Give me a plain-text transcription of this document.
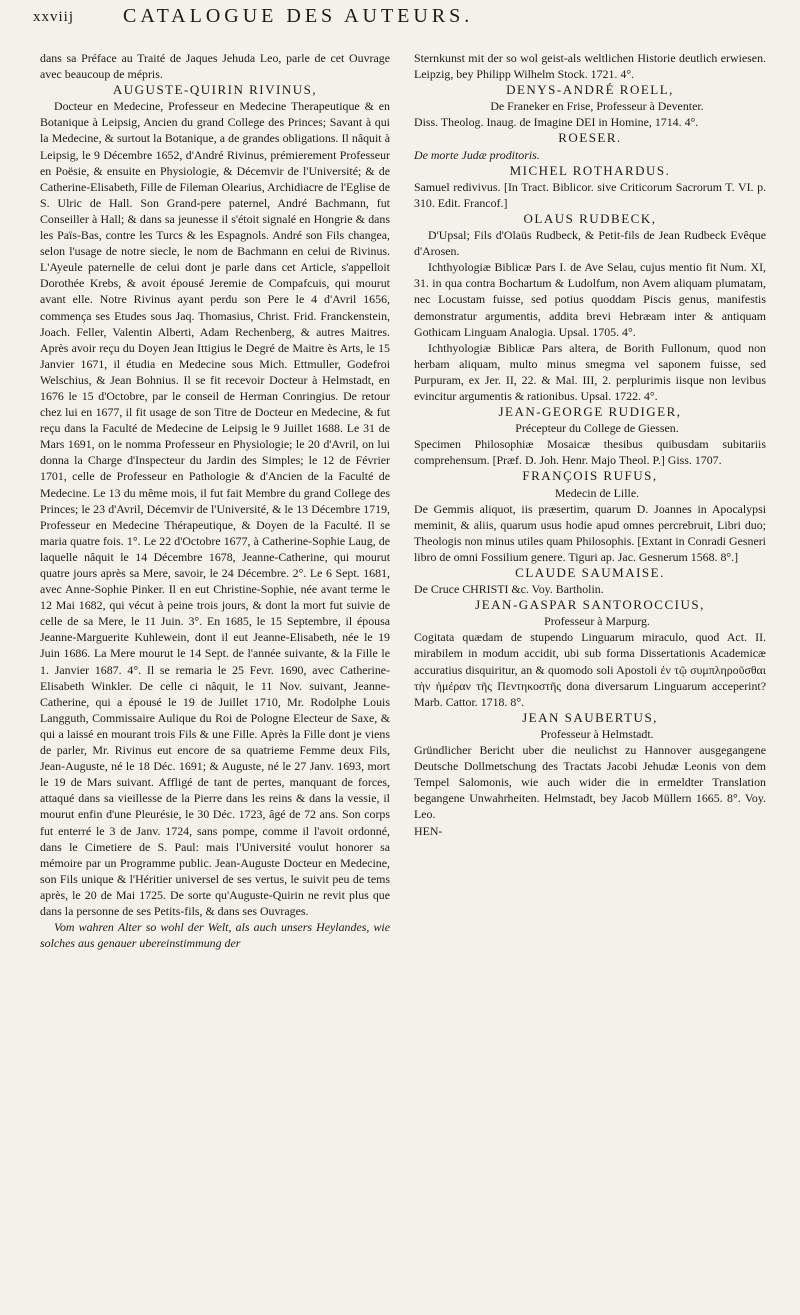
xxviij CATALOGUE DES AUTEURS.

dans sa Préface au Traité de Jaques Jehuda Leo, parle de cet Ouvrage avec beaucoup de mépris.

AUGUSTE-QUIRIN RIVINUS,

Docteur en Medecine, Professeur en Medecine Therapeutique & en Botanique à Leipsig, Ancien du grand College des Princes; Savant à qui la Medecine, & surtout la Botanique, a de grandes obligations. Il nâquit à Leipsig, le 9 Décembre 1652, d'André Rivinus, prémierement Professeur en Poësie, & ensuite en Physiologie, & Décemvir de l'Université; & de Catherine-Elisabeth, Fille de Fileman Olearius, Archidiacre de l'Eglise de S. Ulric de Hall. Son Grand-pere paternel, André Bachmann, fut Conseiller à Hall; & dans sa jeunesse il s'étoit signalé en Hongrie & dans les Païs-Bas, contre les Turcs & les Espagnols. André son Fils changea, selon l'usage de notre siecle, le nom de Bachmann en celui de Rivinus. L'Ayeule paternelle de celui dont je parle dans cet Article, s'appelloit Dorothée Krebs, & avoit épousé Jeremie de Compafcuis, qui mourut avant elle. Notre Rivinus ayant perdu son Pere le 4 d'Avril 1656, commença ses Etudes sous Jaq. Thomasius, Christ. Frid. Franckenstein, Joach. Feller, Valentin Alberti, Adam Rechenberg, & autres Maitres. Après avoir reçu du Doyen Jean Ittigius le Degré de Maitre ès Arts, le 15 Janvier 1671, il étudia en Medecine sous Mich. Ettmuller, Godefroi Welschius, & Jean Bohnius. Il se fit recevoir Docteur à Helmstadt, en 1676 le 15 d'Octobre, par le conseil de Herman Conringius. De retour chez lui en 1677, il fit usage de son Titre de Docteur en Medecine, & fut reçu dans la Faculté de Medecine de Leipsig le 9 Juillet 1688. Le 31 de Mars 1691, on le nomma Professeur en Physiologie; le 20 d'Avril, on lui donna la Charge d'Inspecteur du Jardin des Simples; le 12 de Février 1701, celle de Professeur en Pathologie & d'Ancien de la Faculté de Medecine. Le 13 du même mois, il fut fait Membre du grand College des Princes; le 23 d'Avril, Décemvir de l'Université, & le 13 Décembre 1719, Professeur en Medecine Thérapeutique, & Doyen de la Faculté. Il se maria quatre fois. 1°. Le 22 d'Octobre 1677, à Catherine-Sophie Laug, de laquelle nâquit le 14 Décembre 1678, Jeanne-Catherine, qui mourut quatre jours après sa Mere, savoir, le 24 Décembre. 2°. Le 6 Sept. 1681, avec Anne-Sophie Pinker. Il en eut Christine-Sophie, née avant terme le 12 Mai 1682, qui vécut à peine trois jours, & dont la mort fut suivie de celle de sa Mere, le 11 Juin. 3°. En 1685, le 15 Septembre, il épousa Jeanne-Marguerite Kuhlewein, dont il eut Jeanne-Elisabeth, née le 19 Juin 1686. La Mere mourut le 14 Sept. de l'année suivante, & la Fille le 1. Janvier 1687. 4°. Il se remaria le 25 Fevr. 1690, avec Catherine-Elisabeth Winkler. De celle ci nâquit, le 11 Nov. suivant, Jeanne-Catherine, qui a épousé le 19 de Juillet 1710, Mr. Rodolphe Louis Langguth, Commissaire Aulique du Roi de Pologne Electeur de Saxe, & qui a laissé en mourant trois Fils & une Fille. Après la Fille dont je viens de parler, Mr. Rivinus eut encore de sa quatrieme Femme deux Fils, Jean-Auguste, né le 18 Déc. 1691; & Auguste, né le 27 Janv. 1693, mort le 19 de Mars suivant. Affligé de tant de pertes, manquant de forces, attaqué dans sa vieillesse de la Pierre dans les reins & dans la vessie, il mourut enfin d'une Pleurésie, le 30 Déc. 1723, âgé de 72 ans. Son corps fut enterré le 3 de Janv. 1724, sans pompe, comme il l'avoit ordonné, dans le Cimetiere de S. Paul: mais l'Université voulut honorer sa mémoire par un Programme public. Jean-Auguste Docteur en Medecine, son Fils unique & l'Héritier universel de ses vertus, le suivit peu de tems après, le 20 de Mai 1725. De sorte qu'Auguste-Quirin ne revit plus que dans la personne de ses Petits-fils, & dans ses Ouvrages.

Vom wahren Alter so wohl der Welt, als auch unsers Heylandes, wie solches aus genauer ubereinstimmung der

Sternkunst mit der so wol geist-als weltlichen Historie deutlich erwiesen. Leipzig, bey Philipp Wilhelm Stock. 1721. 4°.

DENYS-ANDRÉ ROELL,

De Franeker en Frise, Professeur à Deventer.

Diss. Theolog. Inaug. de Imagine DEI in Homine, 1714. 4°.

ROESER.

De morte Judæ proditoris.

MICHEL ROTHARDUS.

Samuel redivivus. [In Tract. Biblicor. sive Criticorum Sacrorum T. VI. p. 310. Edit. Francof.]

OLAUS RUDBECK,

D'Upsal; Fils d'Olaüs Rudbeck, & Petit-fils de Jean Rudbeck Evêque d'Arosen.

Ichthyologiæ Biblicæ Pars I. de Ave Selau, cujus mentio fit Num. XI, 31. in qua contra Bochartum & Ludolfum, non Avem aliquam plumatam, nec Locustam fuisse, sed potius quoddam Piscis genus, manifestis demonstratur argumentis, addita brevi Hebræam inter & antiquam Gothicam Linguam Analogia. Upsal. 1705. 4°.

Ichthyologiæ Biblicæ Pars altera, de Borith Fullonum, quod non herbam aliquam, multo minus smegma vel saponem fuisse, sed Purpuram, ex Jer. II, 22. & Mal. III, 2. perplurimis iisque non levibus evincitur argumentis & rationibus. Upsal. 1722. 4°.

JEAN-GEORGE RUDIGER,

Précepteur du College de Giessen.

Specimen Philosophiæ Mosaicæ thesibus quibusdam subitariis comprehensum. [Præf. D. Joh. Henr. Majo Theol. P.] Giss. 1707.

FRANÇOIS RUFUS,

Medecin de Lille.

De Gemmis aliquot, iis præsertim, quarum D. Joannes in Apocalypsi meminit, & aliis, quarum usus hodie apud omnes percrebruit, Libri duo; Theologis non minus utiles quam Philosophis. [Extant in Conradi Gesneri libro de omni Fossilium genere. Tiguri ap. Jac. Gesnerum 1568. 8°.]

CLAUDE SAUMAISE.

De Cruce CHRISTI &c. Voy. Bartholin.

JEAN-GASPAR SANTOROCCIUS,

Professeur à Marpurg.

Cogitata quædam de stupendo Linguarum miraculo, quod Act. II. mirabilem in modum accidit, ubi sub forma Dissertationis Academicæ accuratius disquiritur, an & quomodo soli Apostoli ἐν τῷ συμπληροῦσθαι τὴν ἡμέραν τῆς Πεντηκοστῆς dona diversarum Linguarum acceperint? Marb. Cattor. 1718. 8°.

JEAN SAUBERTUS,

Professeur à Helmstadt.

Gründlicher Bericht uber die neulichst zu Hannover ausgegangene Deutsche Dollmetschung des Tractats Jacobi Jehudæ Leonis von dem Tempel Salomonis, wie auch wider die in ermeldter Translation begangene Unwahrheiten. Helmstadt, bey Jacob Müllern 1665. 8°. Voy. Leo.

HEN-
